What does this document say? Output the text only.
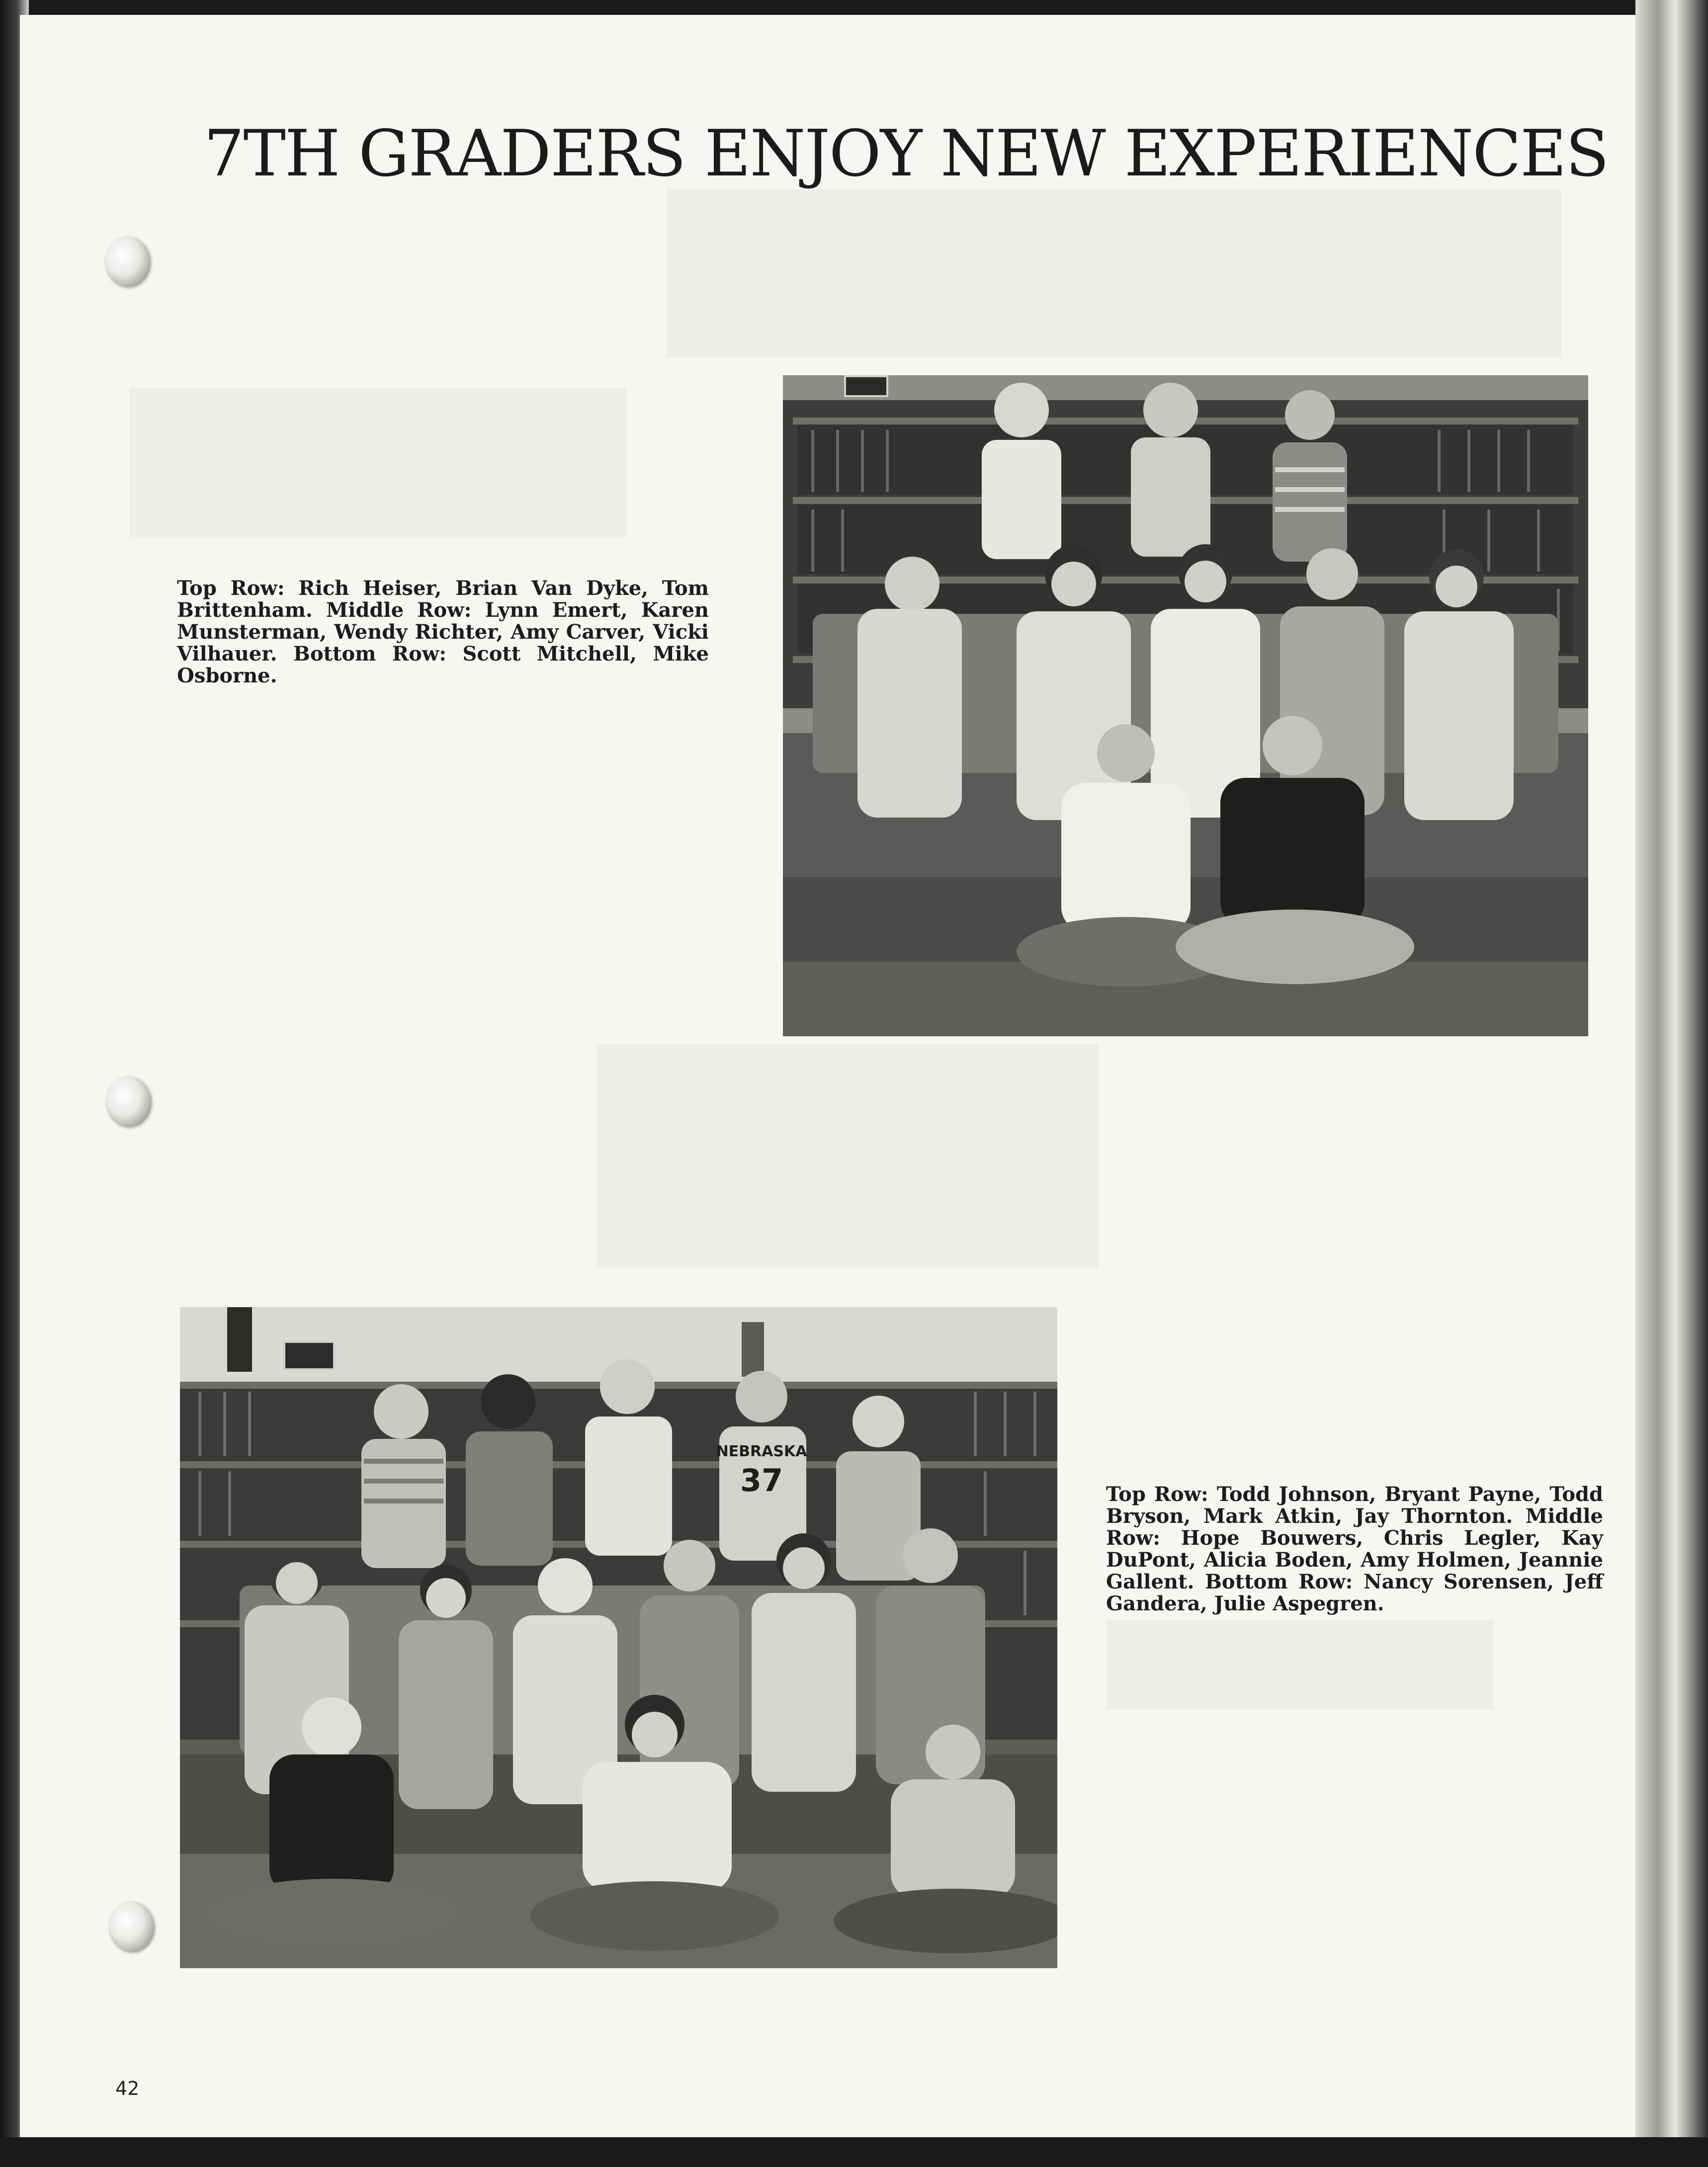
7TH GRADERS ENJOY NEW EXPERIENCES

Top Row: Rich Heiser, Brian Van Dyke, Tom Brittenham. Middle Row: Lynn Emert, Karen Munsterman, Wendy Richter, Amy Carver, Vicki Vilhauer. Bottom Row: Scott Mitchell, Mike Osborne.

Top Row: Todd Johnson, Bryant Payne, Todd Bryson, Mark Atkin, Jay Thornton. Middle Row: Hope Bouwers, Chris Legler, Kay DuPont, Alicia Boden, Amy Holmen, Jeannie Gallent. Bottom Row: Nancy Sorensen, Jeff Gandera, Julie Aspegren.

NEBRASKA
37
42
